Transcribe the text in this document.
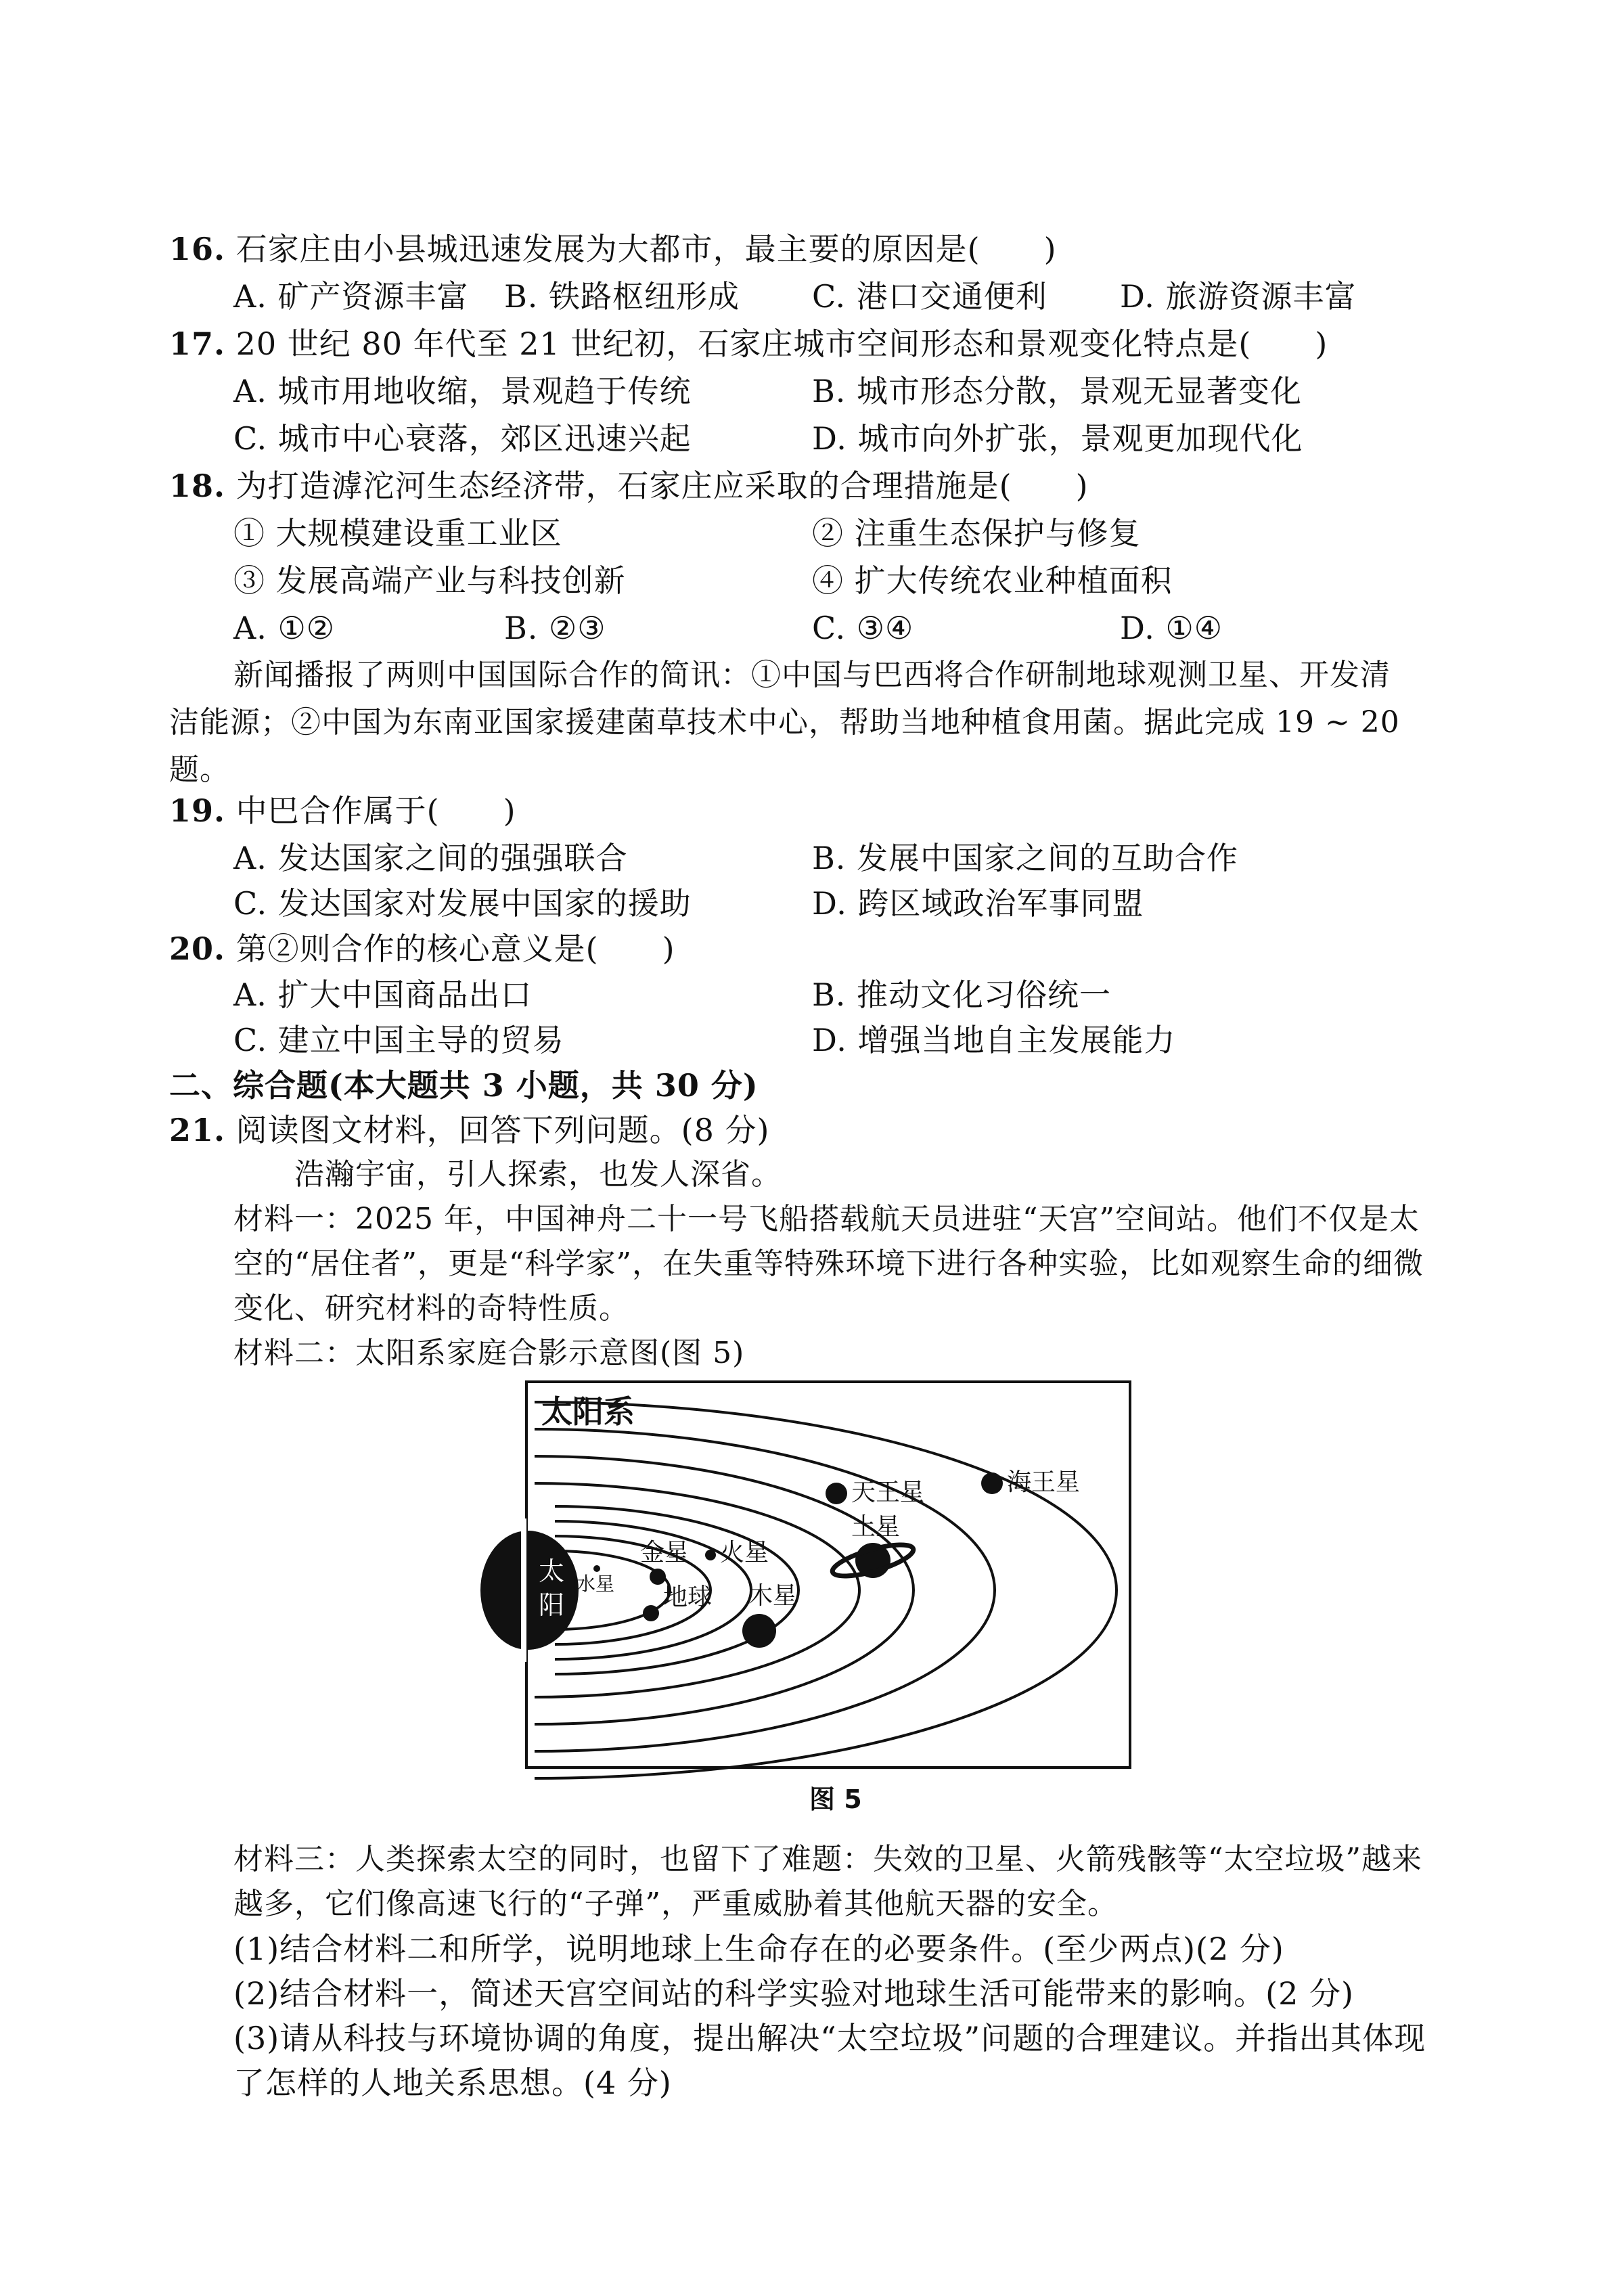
16. 石家庄由小县城迅速发展为大都市，最主要的原因是(　　)
A. 矿产资源丰富 B. 铁路枢纽形成 C. 港口交通便利 D. 旅游资源丰富
17. 20 世纪 80 年代至 21 世纪初，石家庄城市空间形态和景观变化特点是(　　)
A. 城市用地收缩，景观趋于传统	B. 城市形态分散，景观无显著变化
C. 城市中心衰落，郊区迅速兴起	D. 城市向外扩张，景观更加现代化
18. 为打造滹沱河生态经济带，石家庄应采取的合理措施是(　　)
① 大规模建设重工业区	② 注重生态保护与修复
③ 发展高端产业与科技创新	④ 扩大传统农业种植面积
A. ①②	B. ②③	C. ③④	D. ①④
新闻播报了两则中国国际合作的简讯：①中国与巴西将合作研制地球观测卫星、开发清
洁能源；②中国为东南亚国家援建菌草技术中心，帮助当地种植食用菌。据此完成 19 ~ 20
题。
19. 中巴合作属于(　　)
A. 发达国家之间的强强联合	B. 发展中国家之间的互助合作
C. 发达国家对发展中国家的援助	D. 跨区域政治军事同盟
20. 第②则合作的核心意义是(　　)
A. 扩大中国商品出口	B. 推动文化习俗统一
C. 建立中国主导的贸易	D. 增强当地自主发展能力
二、综合题(本大题共 3 小题，共 30 分)
21. 阅读图文材料，回答下列问题。(8 分)
浩瀚宇宙，引人探索，也发人深省。
材料一：2025 年，中国神舟二十一号飞船搭载航天员进驻“天宫”空间站。他们不仅是太
空的“居住者”，更是“科学家”，在失重等特殊环境下进行各种实验，比如观察生命的细微
变化、研究材料的奇特性质。
材料二：太阳系家庭合影示意图(图 5)
太阳系
太
阳
水星
金星
地球
火星
木星
土星
天王星	海王星
图 5
材料三：人类探索太空的同时，也留下了难题：失效的卫星、火箭残骸等“太空垃圾”越来
越多，它们像高速飞行的“子弹”，严重威胁着其他航天器的安全。
(1)结合材料二和所学，说明地球上生命存在的必要条件。(至少两点)(2 分)
(2)结合材料一，简述天宫空间站的科学实验对地球生活可能带来的影响。(2 分)
(3)请从科技与环境协调的角度，提出解决“太空垃圾”问题的合理建议。并指出其体现
了怎样的人地关系思想。(4 分)
